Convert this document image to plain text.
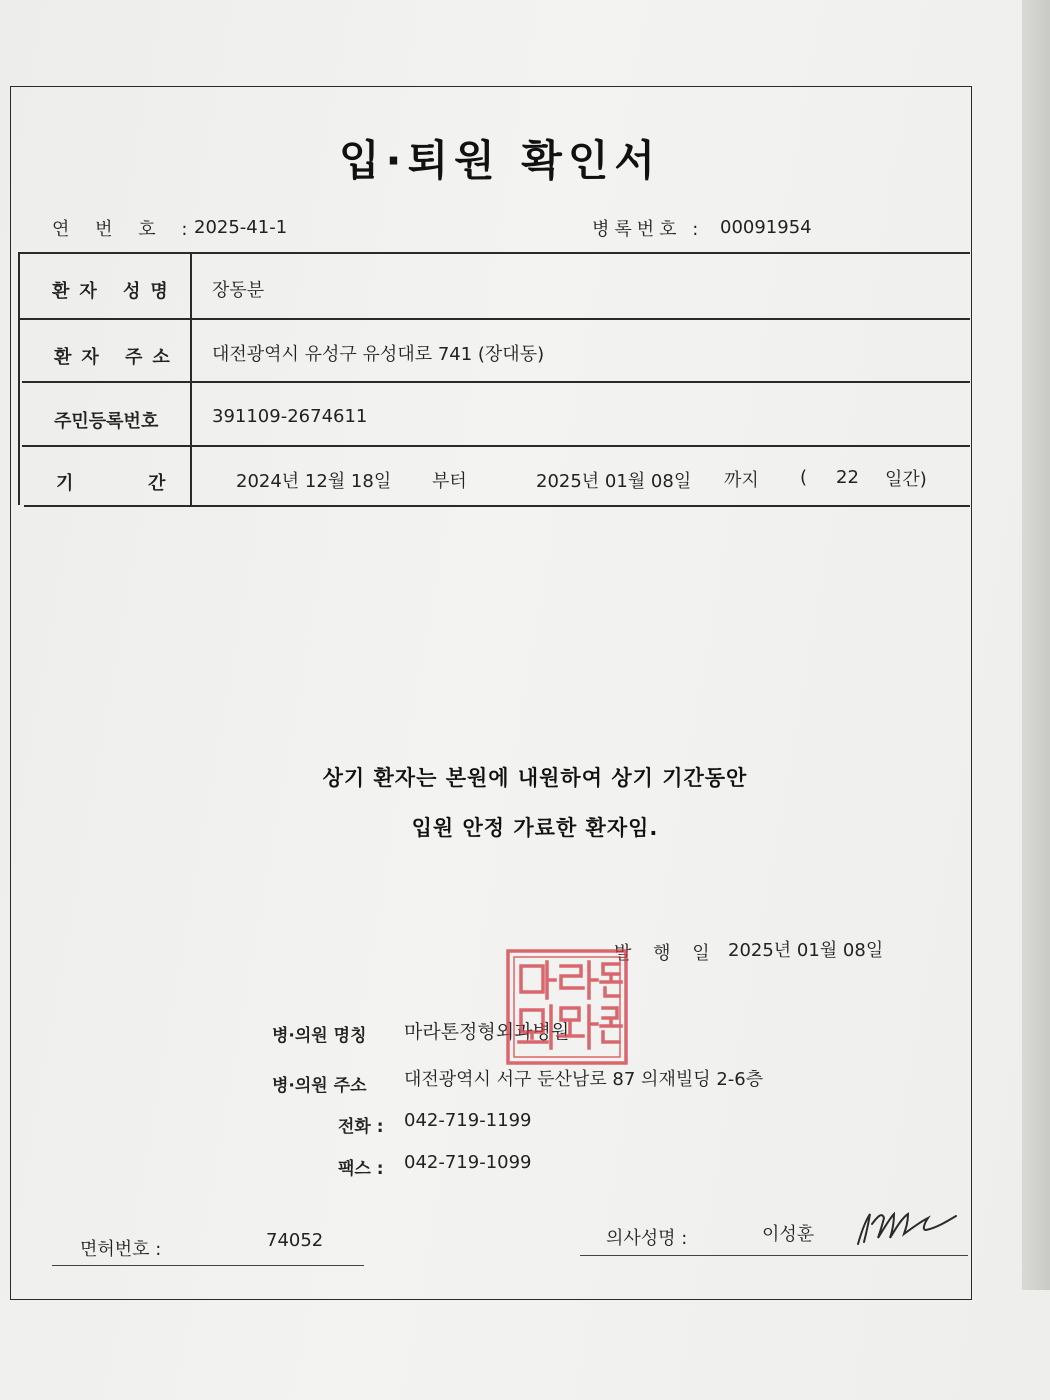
입·퇴원 확인서
연 번 호 :
2025-41-1	병록번호 : 00091954
환자 성명 장동분
환자 주소 대전광역시 유성구 유성대로 741 (장대동)
주민등록번호	391109-2674611
기	간	2024년 12월 18일 부터	2025년 01월 08일 까지 ( 22 일간)
상기 환자는 본원에 내원하여 상기 기간동안
입원 안정 가료한 환자임.
발 행 일 2025년 01월 08일
병·의원 명칭 마라톤정형외과병원
병·의원 주소 대전광역시 서구 둔산남로 87 의재빌딩 2-6층
전화 : 042-719-1199
팩스 : 042-719-1099
면허번호 :	74052	의사성명 :	이성훈
